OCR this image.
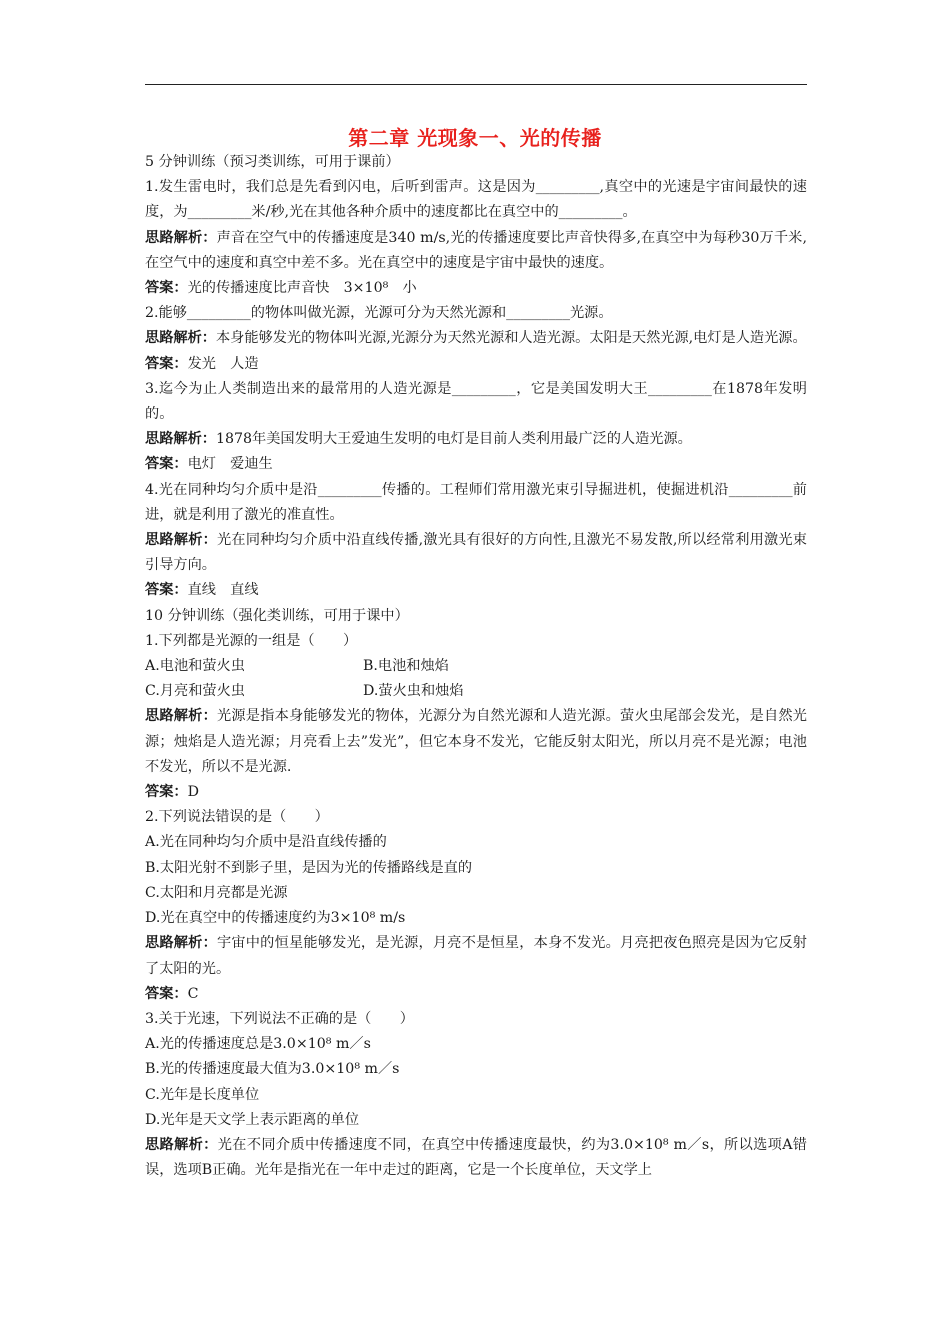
第二章 光现象一、光的传播

5 分钟训练（预习类训练，可用于课前）

1.发生雷电时，我们总是先看到闪电，后听到雷声。这是因为_________,真空中的光速是宇宙间最快的速度，为_________米/秒,光在其他各种介质中的速度都比在真空中的_________。

思路解析：声音在空气中的传播速度是340 m/s,光的传播速度要比声音快得多,在真空中为每秒30万千米,在空气中的速度和真空中差不多。光在真空中的速度是宇宙中最快的速度。

答案：光的传播速度比声音快　3×10⁸　小

2.能够_________的物体叫做光源，光源可分为天然光源和_________光源。

思路解析：本身能够发光的物体叫光源,光源分为天然光源和人造光源。太阳是天然光源,电灯是人造光源。

答案：发光　人造

3.迄今为止人类制造出来的最常用的人造光源是_________，它是美国发明大王_________在1878年发明的。

思路解析：1878年美国发明大王爱迪生发明的电灯是目前人类利用最广泛的人造光源。

答案：电灯　爱迪生

4.光在同种均匀介质中是沿_________传播的。工程师们常用激光束引导掘进机，使掘进机沿_________前进，就是利用了激光的准直性。

思路解析：光在同种均匀介质中沿直线传播,激光具有很好的方向性,且激光不易发散,所以经常利用激光束引导方向。

答案：直线　直线

10 分钟训练（强化类训练，可用于课中）

1.下列都是光源的一组是（　　）

A.电池和萤火虫	B.电池和烛焰
C.月亮和萤火虫	D.萤火虫和烛焰

思路解析：光源是指本身能够发光的物体，光源分为自然光源和人造光源。萤火虫尾部会发光，是自然光源；烛焰是人造光源；月亮看上去”发光”，但它本身不发光，它能反射太阳光，所以月亮不是光源；电池不发光，所以不是光源.

答案：D

2.下列说法错误的是（　　）

A.光在同种均匀介质中是沿直线传播的

B.太阳光射不到影子里，是因为光的传播路线是直的

C.太阳和月亮都是光源

D.光在真空中的传播速度约为3×10⁸ m/s

思路解析：宇宙中的恒星能够发光，是光源，月亮不是恒星，本身不发光。月亮把夜色照亮是因为它反射了太阳的光。

答案：C

3.关于光速，下列说法不正确的是（　　）

A.光的传播速度总是3.0×10⁸ m／s

B.光的传播速度最大值为3.0×10⁸ m／s

C.光年是长度单位

D.光年是天文学上表示距离的单位

思路解析：光在不同介质中传播速度不同，在真空中传播速度最快，约为3.0×10⁸ m／s，所以选项A错误，选项B正确。光年是指光在一年中走过的距离，它是一个长度单位，天文学上
